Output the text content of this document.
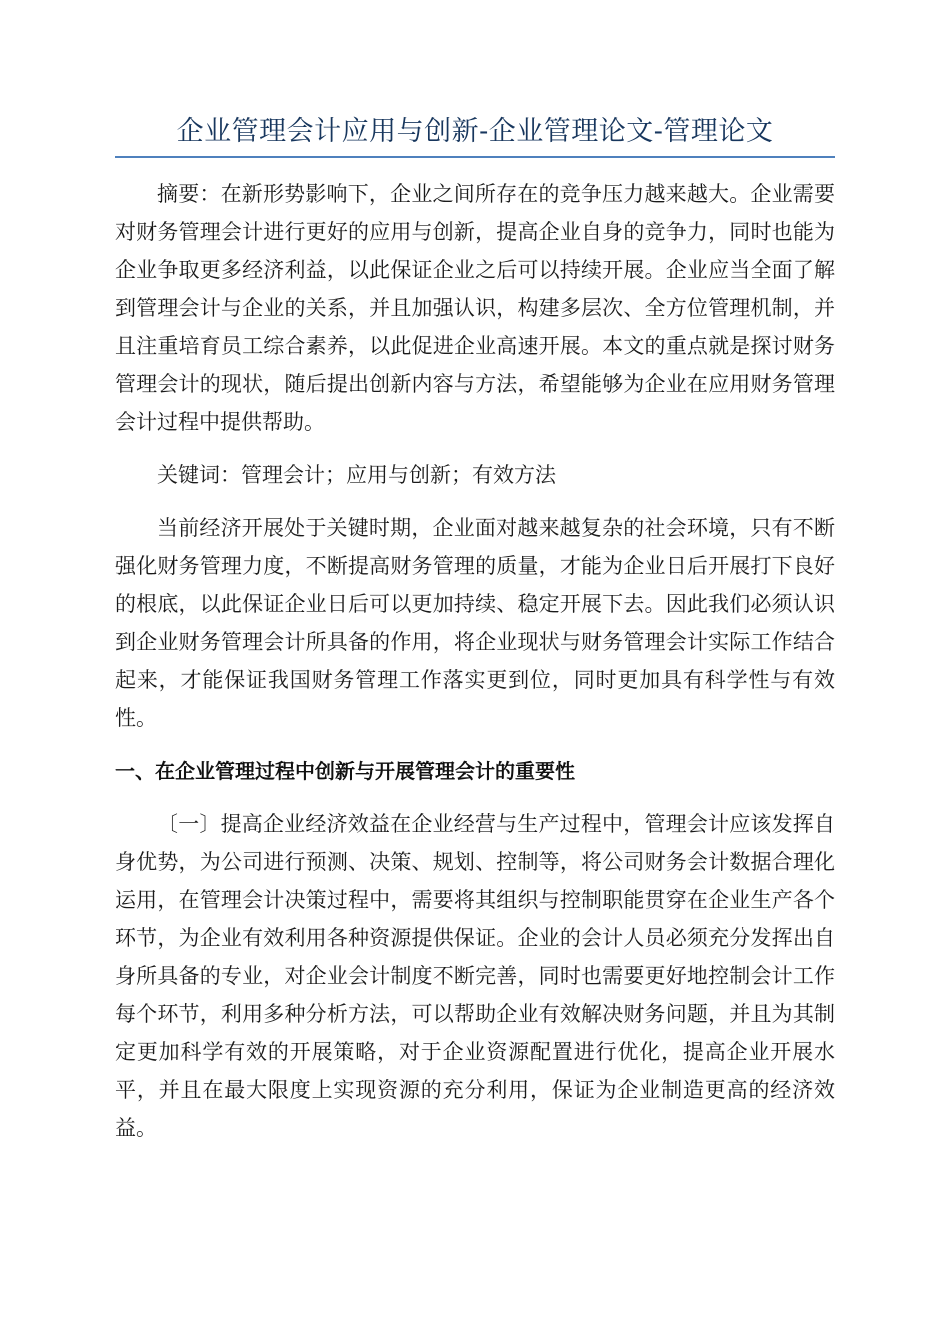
企业管理会计应用与创新-企业管理论文-管理论文

摘要：在新形势影响下，企业之间所存在的竞争压力越来越大。企业需要对财务管理会计进行更好的应用与创新，提高企业自身的竞争力，同时也能为企业争取更多经济利益，以此保证企业之后可以持续开展。企业应当全面了解到管理会计与企业的关系，并且加强认识，构建多层次、全方位管理机制，并且注重培育员工综合素养，以此促进企业高速开展。本文的重点就是探讨财务管理会计的现状，随后提出创新内容与方法，希望能够为企业在应用财务管理会计过程中提供帮助。

关键词：管理会计；应用与创新；有效方法

当前经济开展处于关键时期，企业面对越来越复杂的社会环境，只有不断强化财务管理力度，不断提高财务管理的质量，才能为企业日后开展打下良好的根底，以此保证企业日后可以更加持续、稳定开展下去。因此我们必须认识到企业财务管理会计所具备的作用，将企业现状与财务管理会计实际工作结合起来，才能保证我国财务管理工作落实更到位，同时更加具有科学性与有效性。

一、在企业管理过程中创新与开展管理会计的重要性

〔一〕提高企业经济效益在企业经营与生产过程中，管理会计应该发挥自身优势，为公司进行预测、决策、规划、控制等，将公司财务会计数据合理化运用，在管理会计决策过程中，需要将其组织与控制职能贯穿在企业生产各个环节，为企业有效利用各种资源提供保证。企业的会计人员必须充分发挥出自身所具备的专业，对企业会计制度不断完善，同时也需要更好地控制会计工作每个环节，利用多种分析方法，可以帮助企业有效解决财务问题，并且为其制定更加科学有效的开展策略，对于企业资源配置进行优化，提高企业开展水平，并且在最大限度上实现资源的充分利用，保证为企业制造更高的经济效益。
